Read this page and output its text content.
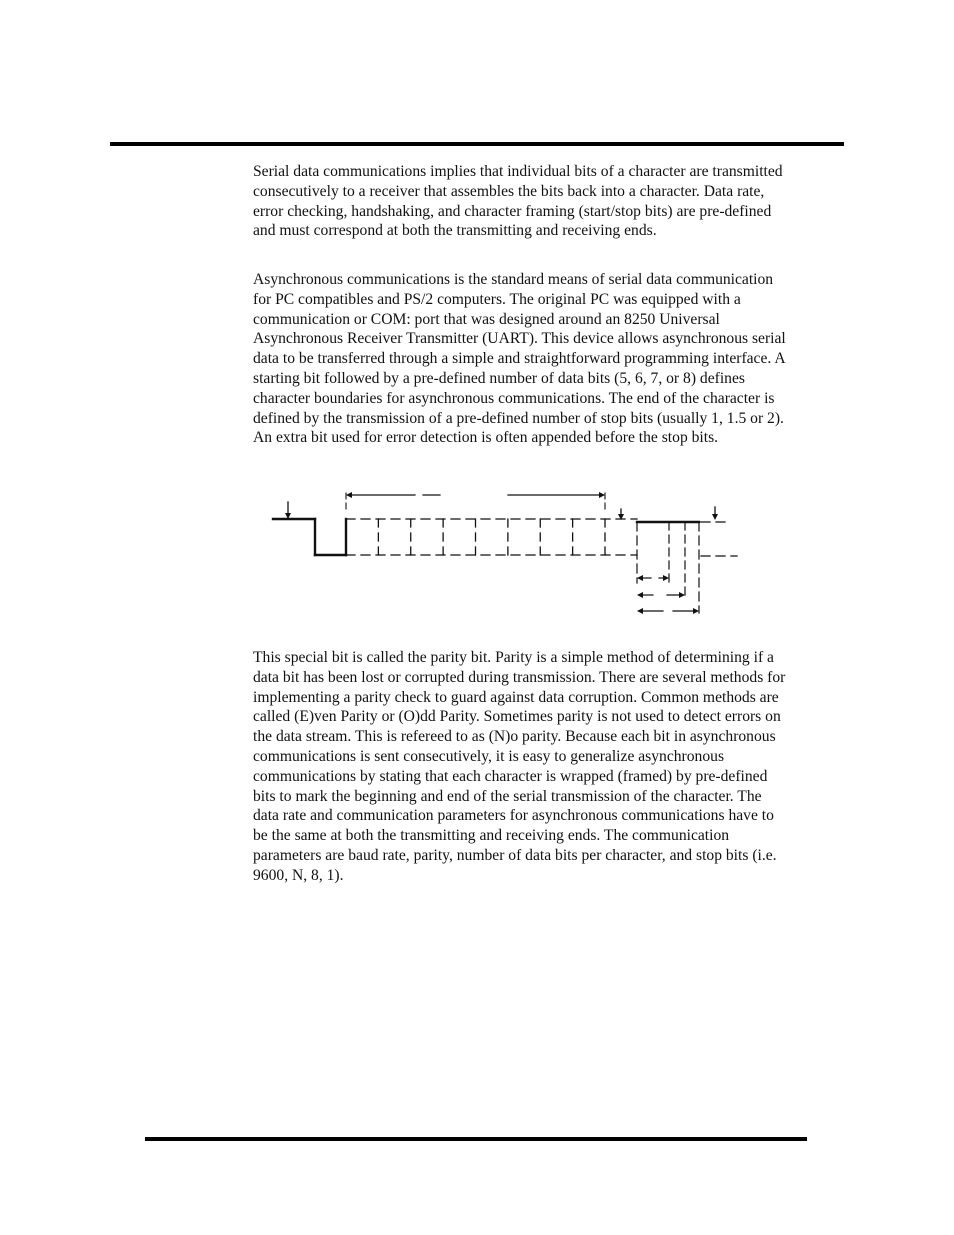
Serial data communications implies that individual bits of a character are transmitted
consecutively to a receiver that assembles the bits back into a character. Data rate,
error checking, handshaking, and character framing (start/stop bits) are pre-defined
and must correspond at both the transmitting and receiving ends.

Asynchronous communications is the standard means of serial data communication
for PC compatibles and PS/2 computers. The original PC was equipped with a
communication or COM: port that was designed around an 8250 Universal
Asynchronous Receiver Transmitter (UART). This device allows asynchronous serial
data to be transferred through a simple and straightforward programming interface. A
starting bit followed by a pre-defined number of data bits (5, 6, 7, or 8) defines
character boundaries for asynchronous communications. The end of the character is
defined by the transmission of a pre-defined number of stop bits (usually 1, 1.5 or 2).
An extra bit used for error detection is often appended before the stop bits.

This special bit is called the parity bit. Parity is a simple method of determining if a
data bit has been lost or corrupted during transmission. There are several methods for
implementing a parity check to guard against data corruption. Common methods are
called (E)ven Parity or (O)dd Parity. Sometimes parity is not used to detect errors on
the data stream. This is refereed to as (N)o parity. Because each bit in asynchronous
communications is sent consecutively, it is easy to generalize asynchronous
communications by stating that each character is wrapped (framed) by pre-defined
bits to mark the beginning and end of the serial transmission of the character. The
data rate and communication parameters for asynchronous communications have to
be the same at both the transmitting and receiving ends. The communication
parameters are baud rate, parity, number of data bits per character, and stop bits (i.e.
9600, N, 8, 1).
